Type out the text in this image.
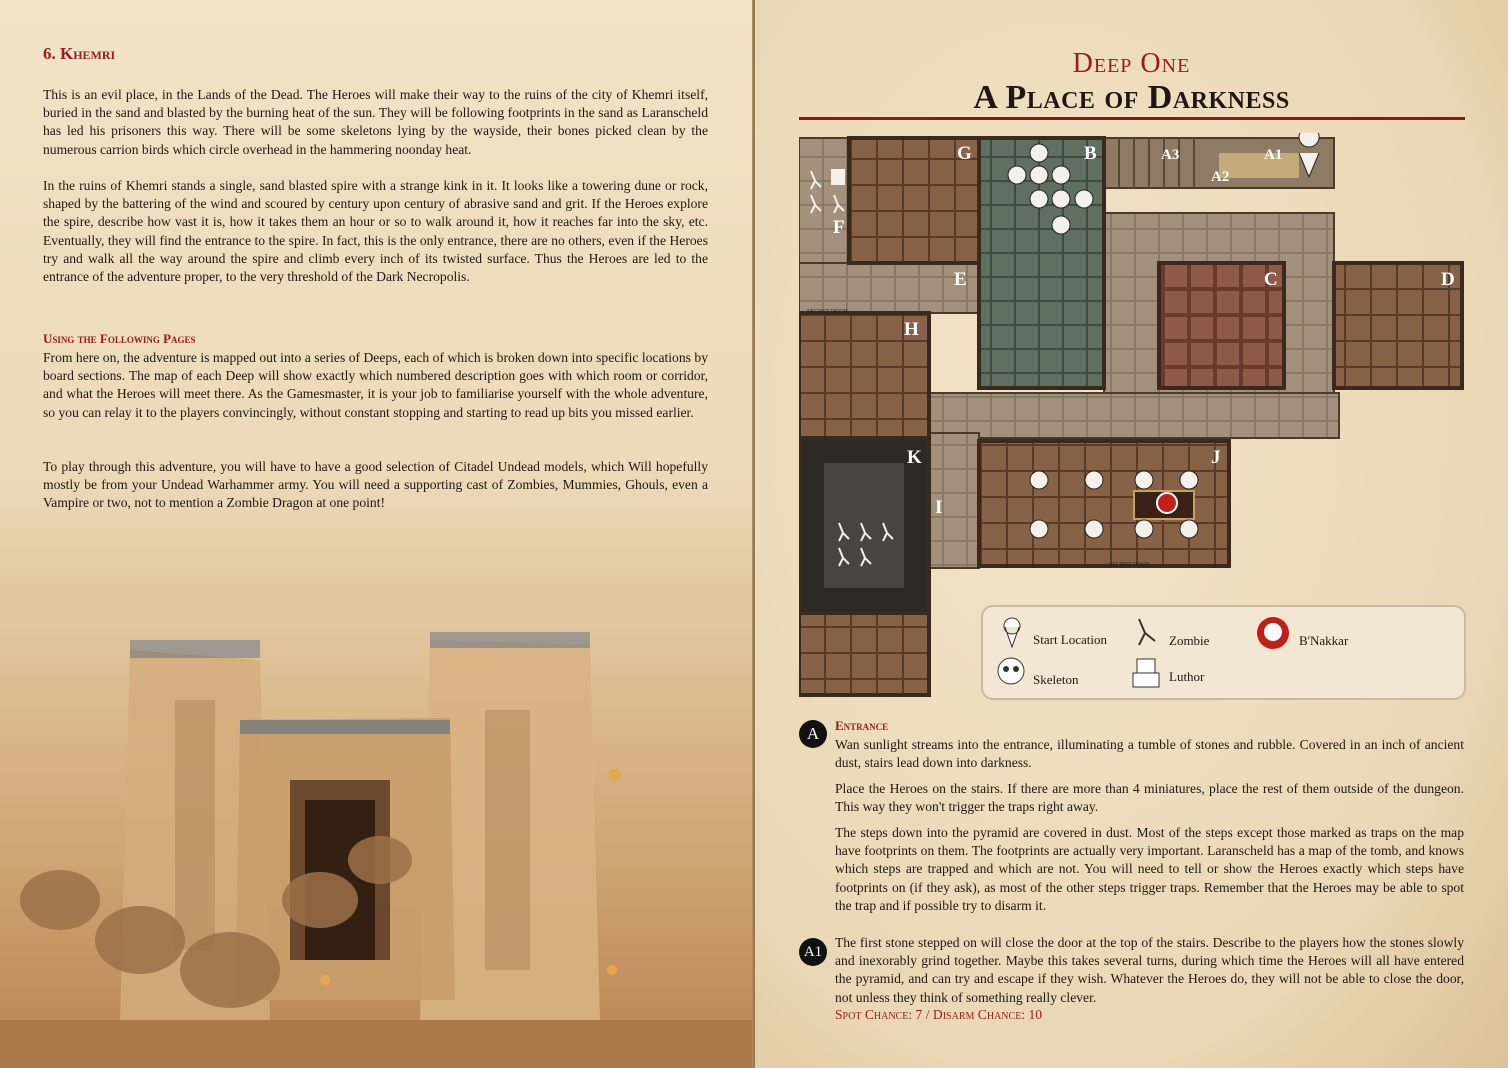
6. Khemri
This is an evil place, in the Lands of the Dead. The Heroes will make their way to the ruins of the city of Khemri itself, buried in the sand and blasted by the burning heat of the sun. They will be following footprints in the sand as Laranscheld has led his prisoners this way. There will be some skeletons lying by the wayside, their bones picked clean by the numerous carrion birds which circle overhead in the hammering noonday heat.
In the ruins of Khemri stands a single, sand blasted spire with a strange kink in it. It looks like a towering dune or rock, shaped by the battering of the wind and scoured by century upon century of abrasive sand and grit. If the Heroes explore the spire, describe how vast it is, how it takes them an hour or so to walk around it, how it reaches far into the sky, etc. Eventually, they will find the entrance to the spire. In fact, this is the only entrance, there are no others, even if the Heroes try and walk all the way around the spire and climb every inch of its twisted surface. Thus the Heroes are led to the entrance of the adventure proper, to the very threshold of the Dark Necropolis.
Using the Following Pages
From here on, the adventure is mapped out into a series of Deeps, each of which is broken down into specific locations by board sections. The map of each Deep will show exactly which numbered description goes with which room or corridor, and what the Heroes will meet there. As the Gamesmaster, it is your job to familiarise yourself with the whole adventure, so you can relay it to the players convincingly, without constant stopping and starting to read up bits you missed earlier.
To play through this adventure, you will have to have a good selection of Citadel Undead models, which Will hopefully mostly be from your Undead Warhammer army. You will need a supporting cast of Zombies, Mummies, Ghouls, even a Vampire or two, not to mention a Zombie Dragon at one point!
Deep One
A Place of Darkness
G	B	A3	A1
A2
F
E	C	D
H
K	J
I
SECRET DOOR
SECRET DOOR
Start Location	Zombie	B'Nakkar
Skeleton	Luthor
A	Entrance
Wan sunlight streams into the entrance, illuminating a tumble of stones and rubble. Covered in an inch of ancient dust, stairs lead down into darkness.
Place the Heroes on the stairs. If there are more than 4 miniatures, place the rest of them outside of the dungeon. This way they won't trigger the traps right away.
The steps down into the pyramid are covered in dust. Most of the steps except those marked as traps on the map have footprints on them. The footprints are actually very important. Laranscheld has a map of the tomb, and knows which steps are trapped and which are not. You will need to tell or show the Heroes exactly which steps have footprints on (if they ask), as most of the other steps trigger traps. Remember that the Heroes may be able to spot the trap and if possible try to disarm it.
A1
The first stone stepped on will close the door at the top of the stairs. Describe to the players how the stones slowly and inexorably grind together. Maybe this takes several turns, during which time the Heroes will all have entered the pyramid, and can try and escape if they wish. Whatever the Heroes do, they will not be able to close the door, not unless they think of something really clever.
Spot Chance: 7 / Disarm Chance: 10
